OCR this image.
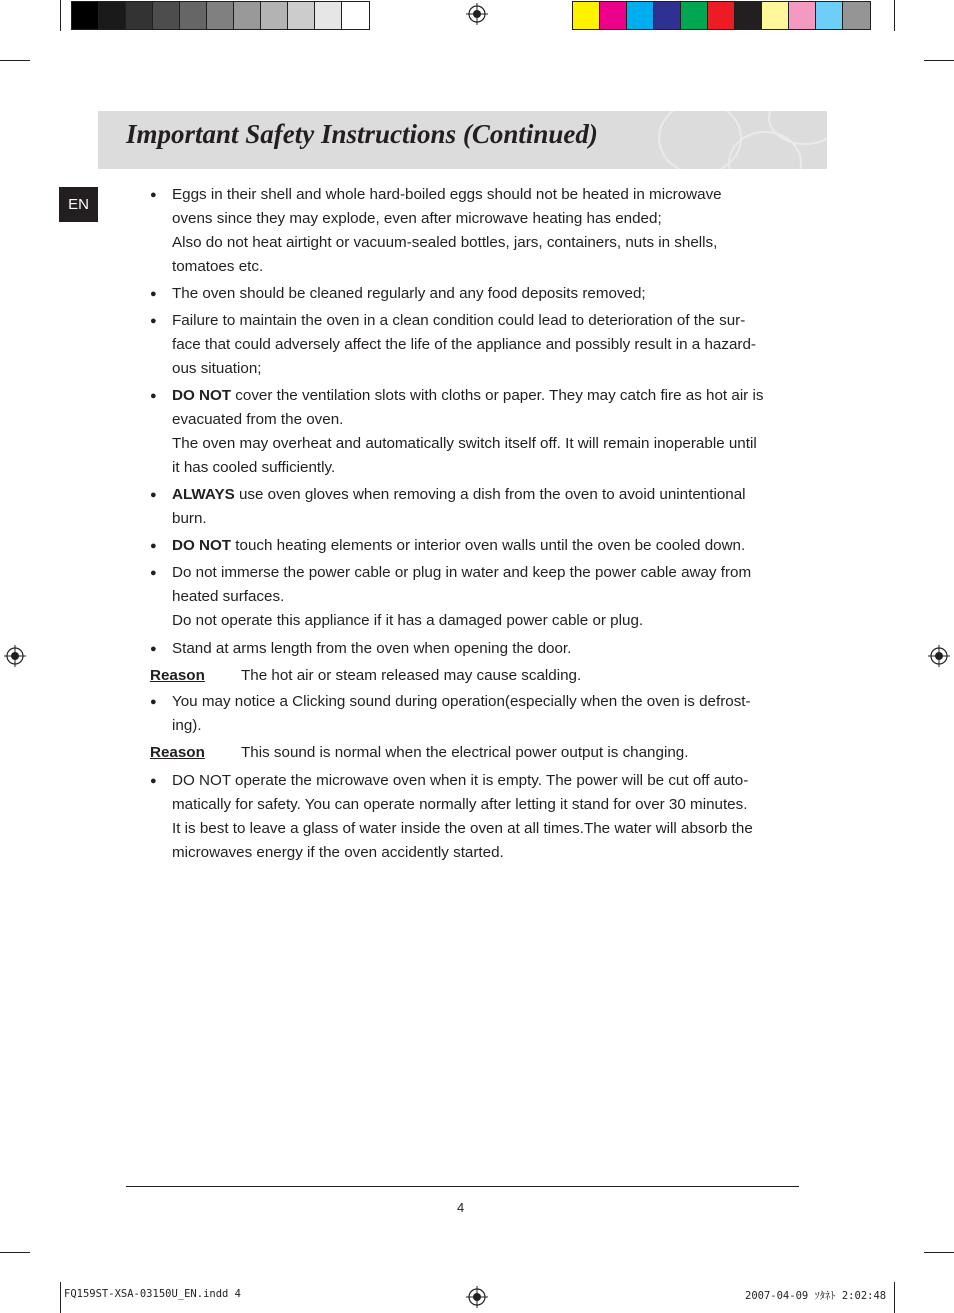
Important Safety Instructions (Continued)
EN
● Eggs in their shell and whole hard-boiled eggs should not be heated in microwave
ovens since they may explode, even after microwave heating has ended;
Also do not heat airtight or vacuum-sealed bottles, jars, containers, nuts in shells,
tomatoes etc.
● The oven should be cleaned regularly and any food deposits removed;
● Failure to maintain the oven in a clean condition could lead to deterioration of the sur-
face that could adversely affect the life of the appliance and possibly result in a hazard-
ous situation;
● DO NOT cover the ventilation slots with cloths or paper. They may catch fire as hot air is
evacuated from the oven.
The oven may overheat and automatically switch itself off. It will remain inoperable until
it has cooled sufficiently.
● ALWAYS use oven gloves when removing a dish from the oven to avoid unintentional
burn.
● DO NOT touch heating elements or interior oven walls until the oven be cooled down.
● Do not immerse the power cable or plug in water and keep the power cable away from
heated surfaces.
Do not operate this appliance if it has a damaged power cable or plug.
● Stand at arms length from the oven when opening the door.
● You may notice a Clicking sound during operation(especially when the oven is defrost-
ing).
● DO NOT operate the microwave oven when it is empty. The power will be cut off auto-
matically for safety. You can operate normally after letting it stand for over 30 minutes.
It is best to leave a glass of water inside the oven at all times.The water will absorb the
microwaves energy if the oven accidently started.
Reason The hot air or steam released may cause scalding.
Reason This sound is normal when the electrical power output is changing.
4
FQ159ST-XSA-03150U_EN.indd 4	2007-04-09 ｿﾀﾈﾄ 2:02:48
